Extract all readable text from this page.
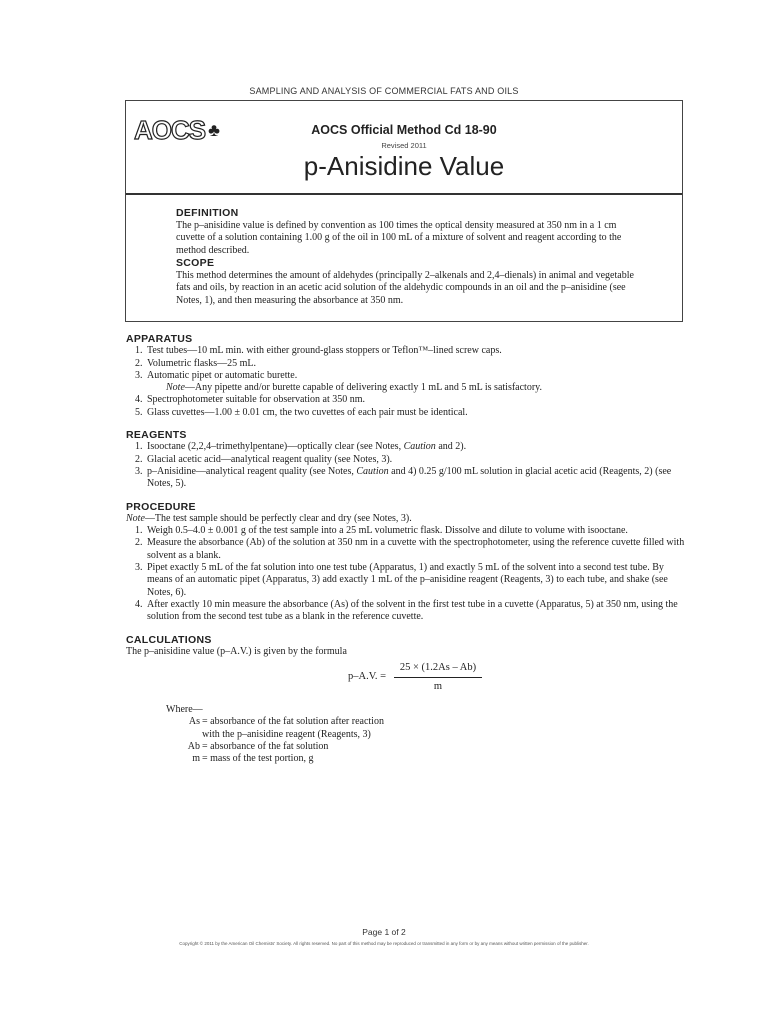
SAMPLING AND ANALYSIS OF COMMERCIAL FATS AND OILS
AOCS ♣	AOCS Official Method Cd 18-90
Revised 2011
p-Anisidine Value
DEFINITION

The p–anisidine value is defined by convention as 100 times the optical density measured at 350 nm in a 1 cm cuvette of a solution containing 1.00 g of the oil in 100 mL of a mixture of solvent and reagent according to the method described.

SCOPE

This method determines the amount of aldehydes (principally 2–alkenals and 2,4–dienals) in animal and vegetable fats and oils, by reaction in an acetic acid solution of the aldehydic compounds in an oil and the p–anisidine (see Notes, 1), and then measuring the absorbance at 350 nm.

APPARATUS
1. Test tubes—10 mL min. with either ground-glass stoppers or Teflon™–lined screw caps.
2. Volumetric flasks—25 mL.
3. Automatic pipet or automatic burette.
Note—Any pipette and/or burette capable of delivering exactly 1 mL and 5 mL is satisfactory.
4. Spectrophotometer suitable for observation at 350 nm.
5. Glass cuvettes—1.00 ± 0.01 cm, the two cuvettes of each pair must be identical.
REAGENTS
1. Isooctane (2,2,4–trimethylpentane)—optically clear (see Notes, Caution and 2).
2. Glacial acetic acid—analytical reagent quality (see Notes, 3).
3. p–Anisidine—analytical reagent quality (see Notes, Caution and 4) 0.25 g/100 mL solution in glacial acetic acid (Reagents, 2) (see Notes, 5).
PROCEDURE
Note—The test sample should be perfectly clear and dry (see Notes, 3).
1. Weigh 0.5–4.0 ± 0.001 g of the test sample into a 25 mL volumetric flask. Dissolve and dilute to volume with isooctane.
2. Measure the absorbance (Ab) of the solution at 350 nm in a cuvette with the spectrophotometer, using the reference cuvette filled with solvent as a blank.
3. Pipet exactly 5 mL of the fat solution into one test tube (Apparatus, 1) and exactly 5 mL of the solvent into a second test tube. By means of an automatic pipet (Apparatus, 3) add exactly 1 mL of the p–anisidine reagent (Reagents, 3) to each tube, and shake (see Notes, 6).
4. After exactly 10 min measure the absorbance (As) of the solvent in the first test tube in a cuvette (Apparatus, 5) at 350 nm, using the solution from the second test tube as a blank in the reference cuvette.
CALCULATIONS

The p–anisidine value (p–A.V.) is given by the formula

p–A.V. = $\frac{25 \times (1.2As - Ab)}{m}$
Where—
As = absorbance of the fat solution after reaction
with the p–anisidine reagent (Reagents, 3)
Ab = absorbance of the fat solution
m = mass of the test portion, g
Page 1 of 2
Copyright © 2011 by the American Oil Chemists' Society. All rights reserved. No part of this method may be reproduced or transmitted in any form or by any means without written permission of the publisher.
